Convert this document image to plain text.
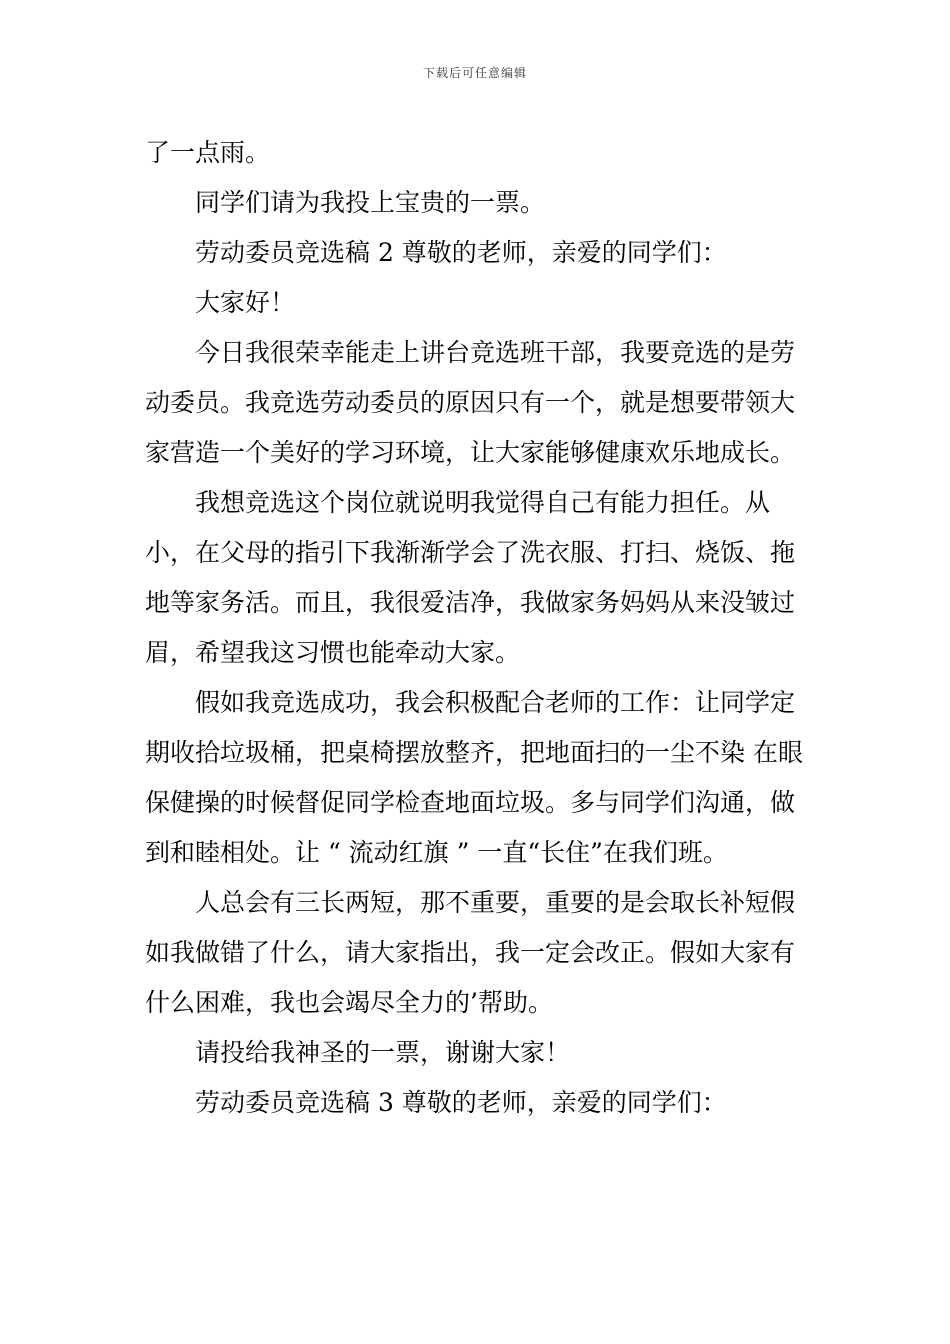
下载后可任意编辑

了一点雨。

同学们请为我投上宝贵的一票。

劳动委员竞选稿 2 尊敬的老师，亲爱的同学们：

大家好！

今日我很荣幸能走上讲台竞选班干部，我要竞选的是劳动委员。我竞选劳动委员的原因只有一个，就是想要带领大家营造一个美好的学习环境，让大家能够健康欢乐地成长。

我想竞选这个岗位就说明我觉得自己有能力担任。从小，在父母的指引下我渐渐学会了洗衣服、打扫、烧饭、拖地等家务活。而且，我很爱洁净，我做家务妈妈从来没皱过眉，希望我这习惯也能牵动大家。

假如我竞选成功，我会积极配合老师的工作：让同学定期收拾垃圾桶，把桌椅摆放整齐，把地面扫的一尘不染 在眼保健操的时候督促同学检查地面垃圾。多与同学们沟通，做到和睦相处。让 “ 流动红旗 ” 一直“长住”在我们班。

人总会有三长两短，那不重要，重要的是会取长补短假如我做错了什么，请大家指出，我一定会改正。假如大家有什么困难，我也会竭尽全力的’帮助。

请投给我神圣的一票，谢谢大家！

劳动委员竞选稿 3 尊敬的老师，亲爱的同学们：
